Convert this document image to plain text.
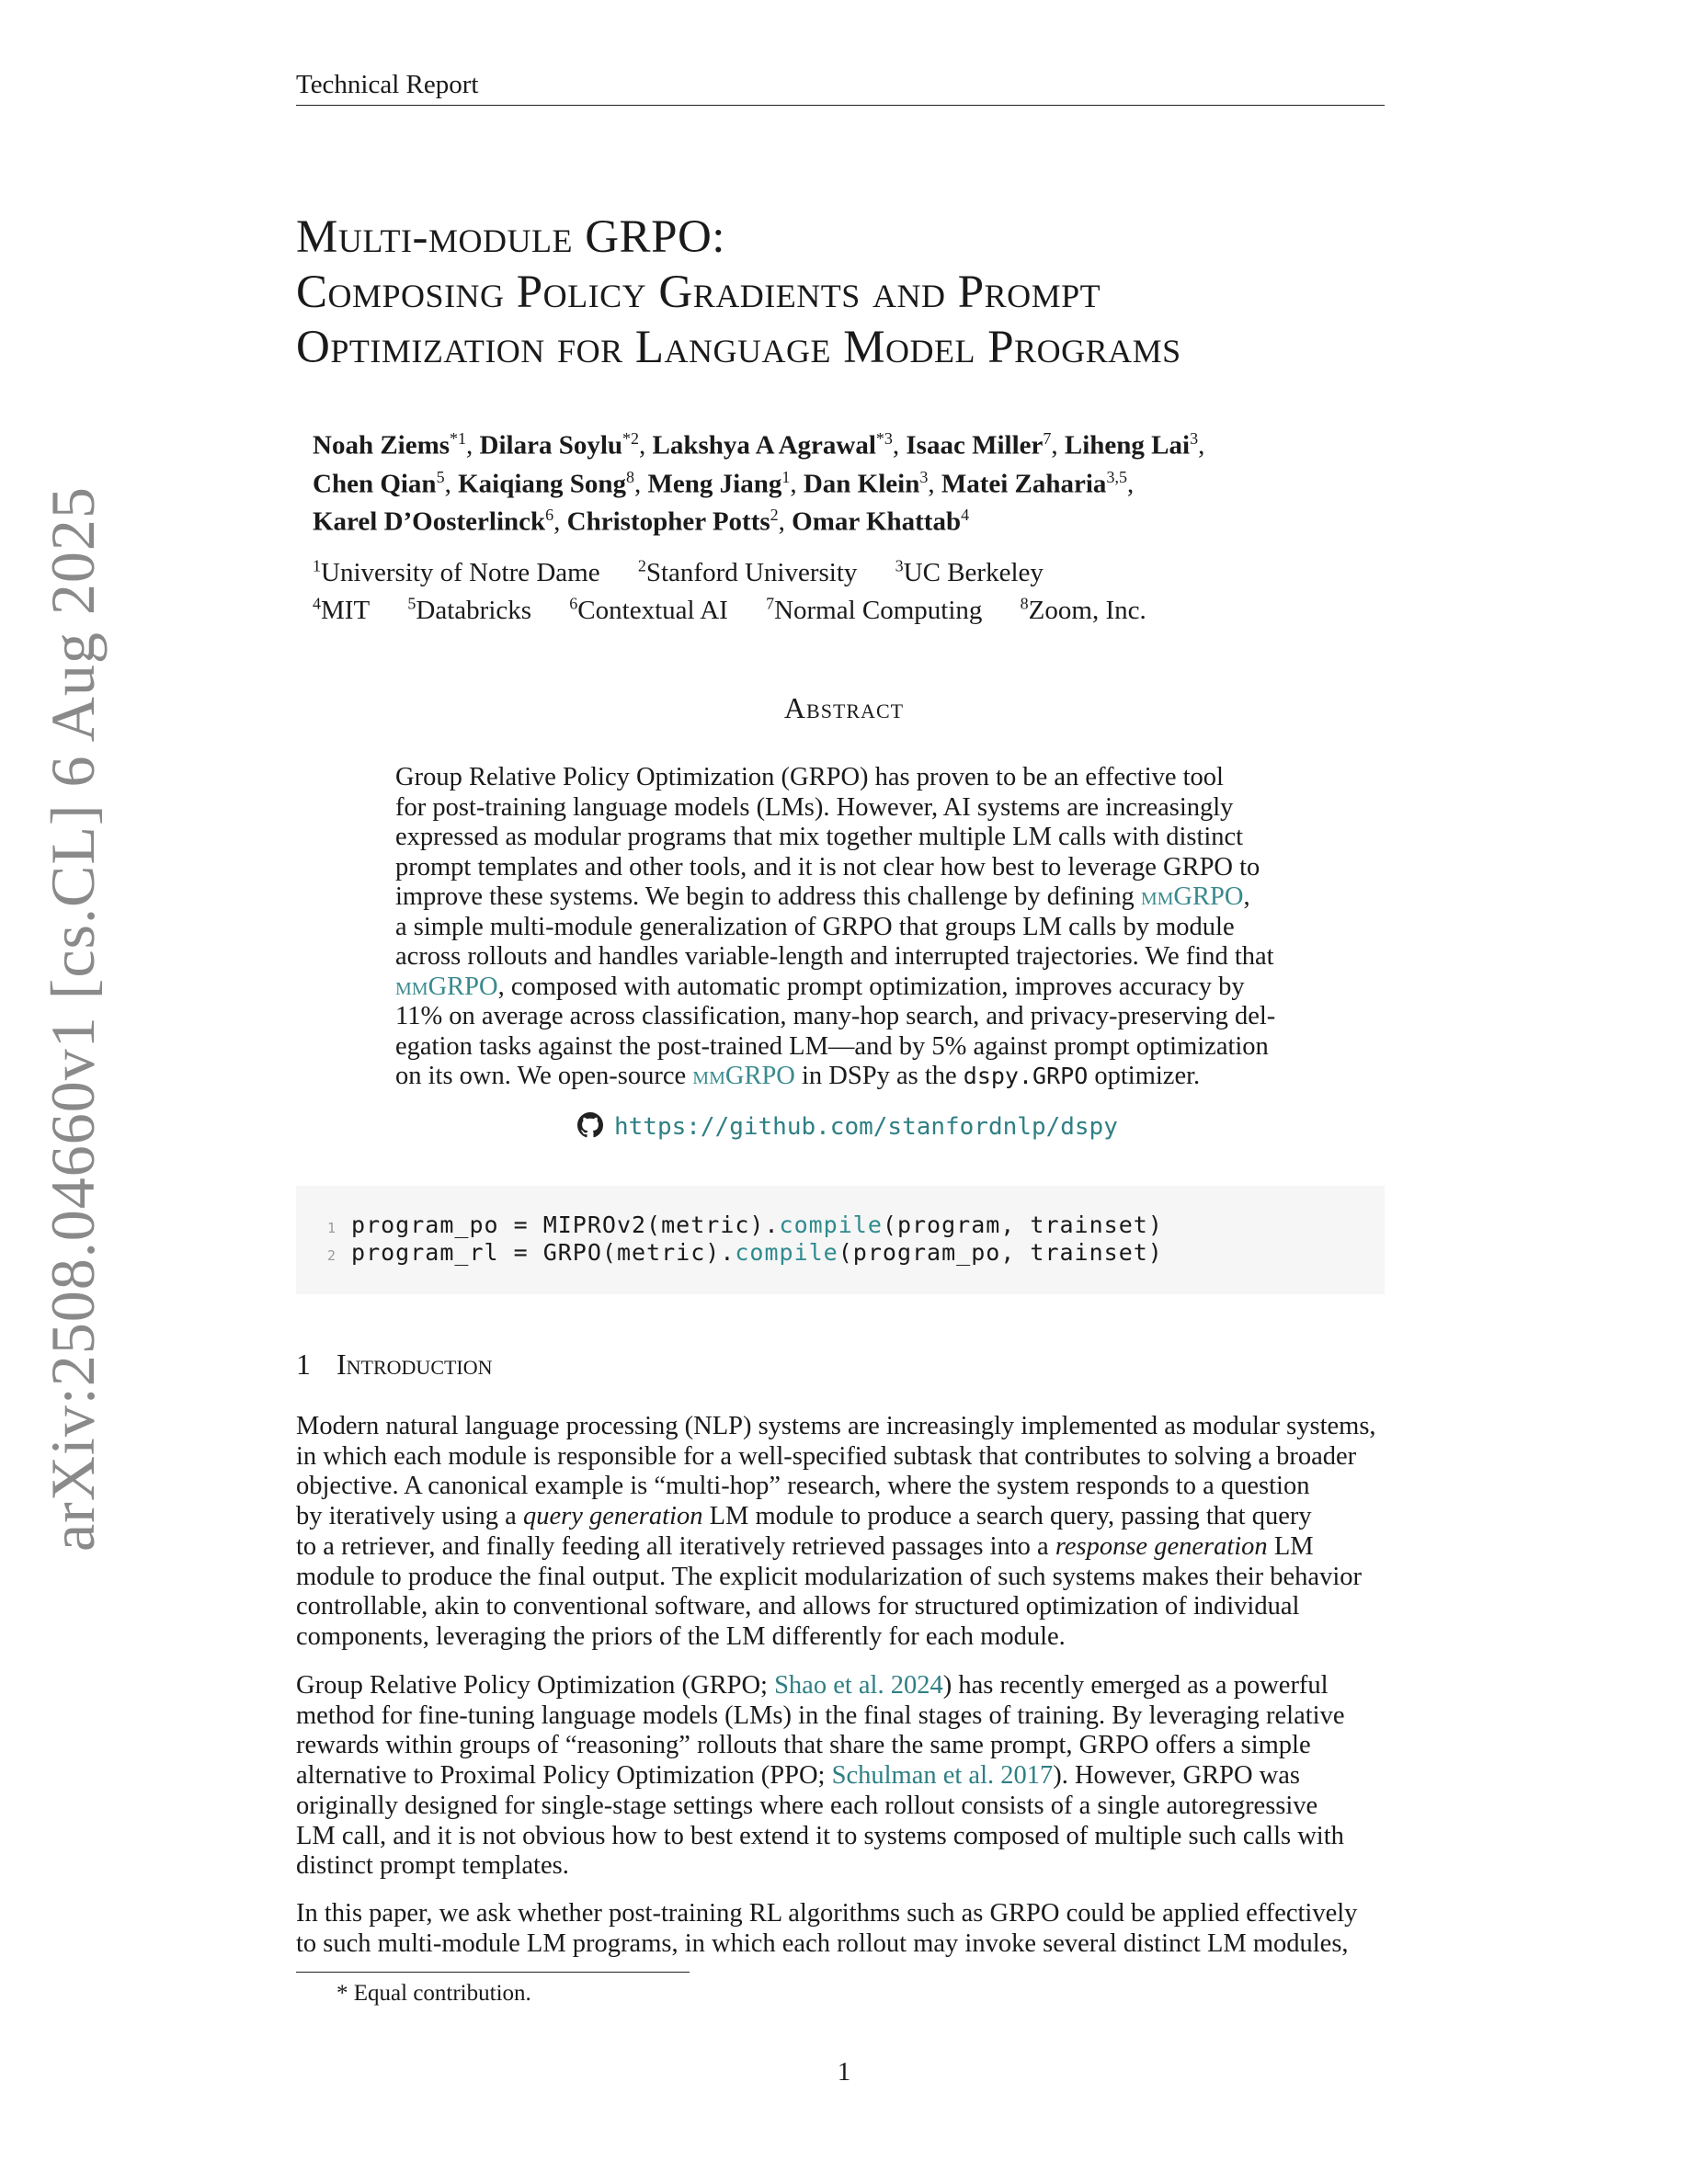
Technical Report
arXiv:2508.04660v1 [cs.CL] 6 Aug 2025
Multi-module GRPO:
Composing Policy Gradients and Prompt
Optimization for Language Model Programs
Noah Ziems$^{*1}$, Dilara Soylu$^{*2}$, Lakshya A Agrawal$^{*3}$, Isaac Miller$^7$, Liheng Lai$^3$,
Chen Qian$^5$, Kaiqiang Song$^8$, Meng Jiang$^1$, Dan Klein$^3$, Matei Zaharia$^{3,5}$,
Karel D’Oosterlinck$^6$, Christopher Potts$^2$, Omar Khattab$^4$
$^1$University of Notre Dame $^2$Stanford University $^3$UC Berkeley
$^4$MIT $^5$Databricks $^6$Contextual AI $^7$Normal Computing $^8$Zoom, Inc.
Abstract
Group Relative Policy Optimization (GRPO) has proven to be an effective tool
for post-training language models (LMs). However, AI systems are increasingly
expressed as modular programs that mix together multiple LM calls with distinct
prompt templates and other tools, and it is not clear how best to leverage GRPO to
improve these systems. We begin to address this challenge by defining mmGRPO,
a simple multi-module generalization of GRPO that groups LM calls by module
across rollouts and handles variable-length and interrupted trajectories. We find that
mmGRPO, composed with automatic prompt optimization, improves accuracy by
11% on average across classification, many-hop search, and privacy-preserving del-
egation tasks against the post-trained LM—and by 5% against prompt optimization
on its own. We open-source mmGRPO in DSPy as the dspy.GRPO optimizer.
https://github.com/stanfordnlp/dspy
1 program_po = MIPROv2(metric).compile(program, trainset)
2 program_rl = GRPO(metric).compile(program_po, trainset)
1 Introduction
Modern natural language processing (NLP) systems are increasingly implemented as modular systems,
in which each module is responsible for a well-specified subtask that contributes to solving a broader
objective. A canonical example is “multi-hop” research, where the system responds to a question
by iteratively using a query generation LM module to produce a search query, passing that query
to a retriever, and finally feeding all iteratively retrieved passages into a response generation LM
module to produce the final output. The explicit modularization of such systems makes their behavior
controllable, akin to conventional software, and allows for structured optimization of individual
components, leveraging the priors of the LM differently for each module.
Group Relative Policy Optimization (GRPO; Shao et al. 2024) has recently emerged as a powerful
method for fine-tuning language models (LMs) in the final stages of training. By leveraging relative
rewards within groups of “reasoning” rollouts that share the same prompt, GRPO offers a simple
alternative to Proximal Policy Optimization (PPO; Schulman et al. 2017). However, GRPO was
originally designed for single-stage settings where each rollout consists of a single autoregressive
LM call, and it is not obvious how to best extend it to systems composed of multiple such calls with
distinct prompt templates.
In this paper, we ask whether post-training RL algorithms such as GRPO could be applied effectively
to such multi-module LM programs, in which each rollout may invoke several distinct LM modules,
* Equal contribution.
1
